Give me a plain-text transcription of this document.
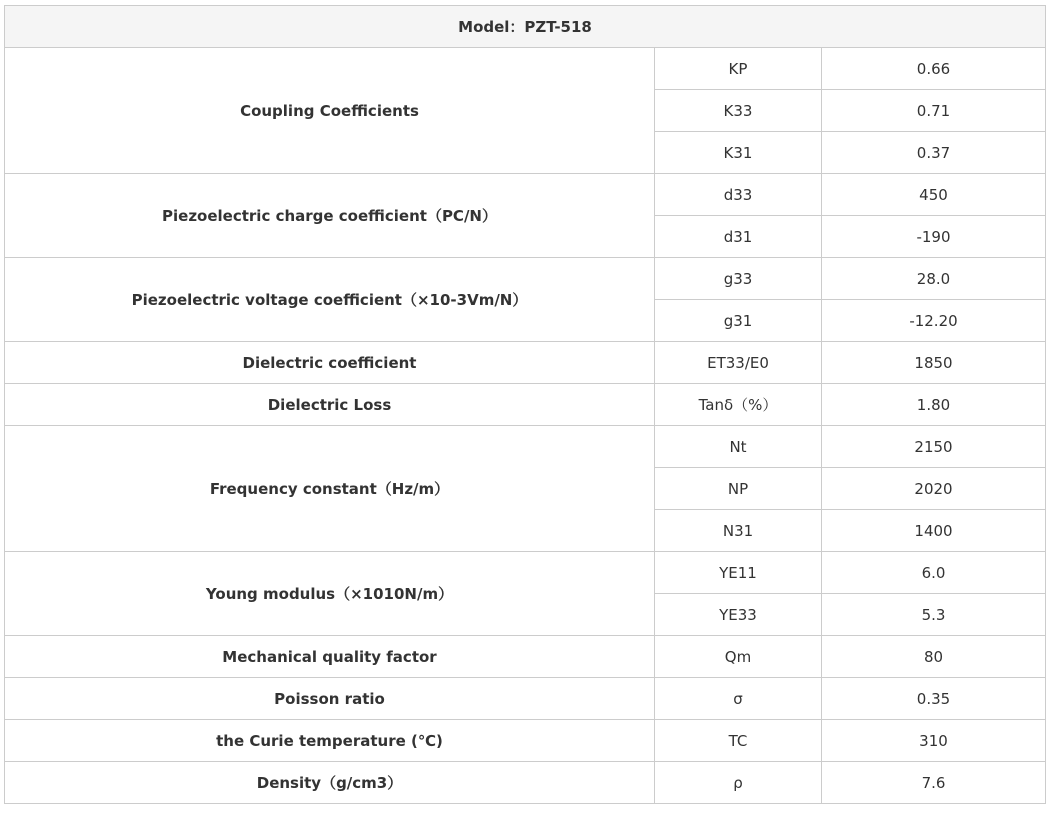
Model：PZT-518		
Coupling Coefficients	KP	0.66
	K33	0.71
	K31	0.37
Piezoelectric charge coefficient（PC/N）	d33	450
	d31	-190
Piezoelectric voltage coefficient（×10-3Vm/N）	g33	28.0
	g31	-12.20
Dielectric coefficient	ET33/E0	1850
Dielectric Loss	Tanδ（%）	1.80
Frequency constant（Hz/m）	Nt	2150
	NP	2020
	N31	1400
Young modulus（×1010N/m）	YE11	6.0
	YE33	5.3
Mechanical quality factor	Qm	80
Poisson ratio	σ	0.35
the Curie temperature (℃)	TC	310
Density（g/cm3）	ρ	7.6
